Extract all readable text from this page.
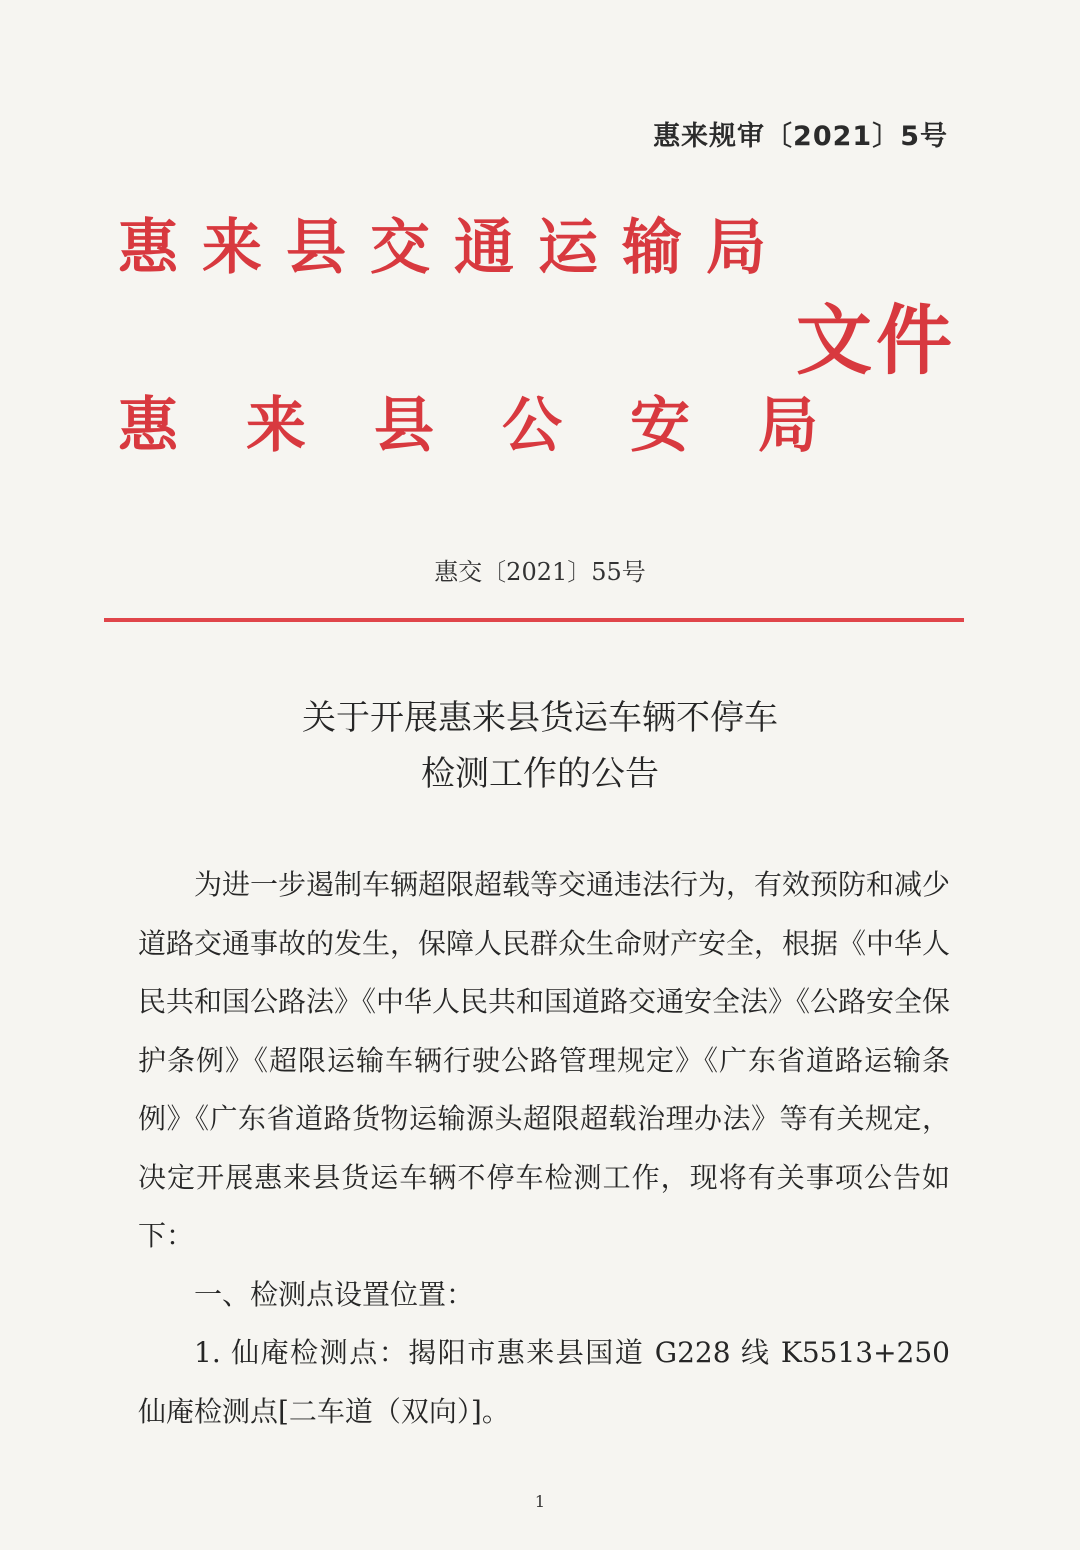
惠来规审〔2021〕5号
惠来县交通运输局
文件
惠来县公安局
惠交〔2021〕55号
关于开展惠来县货运车辆不停车
检测工作的公告

为进一步遏制车辆超限超载等交通违法行为，有效预防和减少道路交通事故的发生，保障人民群众生命财产安全，根据《中华人民共和国公路法》《中华人民共和国道路交通安全法》《公路安全保护条例》《超限运输车辆行驶公路管理规定》《广东省道路运输条例》《广东省道路货物运输源头超限超载治理办法》等有关规定，决定开展惠来县货运车辆不停车检测工作，现将有关事项公告如下：

一、检测点设置位置：

1. 仙庵检测点：揭阳市惠来县国道 G228 线 K5513+250 仙庵检测点[二车道（双向）]。

1
